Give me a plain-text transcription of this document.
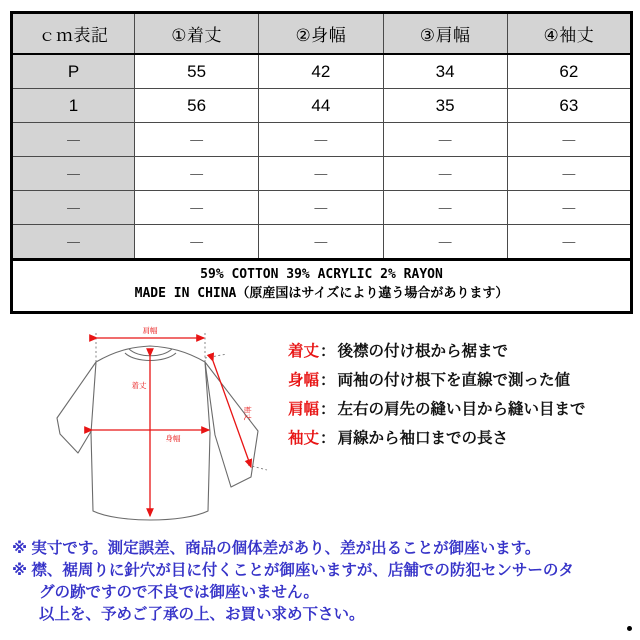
ｃｍ表記	①着丈	②身幅	③肩幅	④袖丈
P	55	42	34	62
1	56	44	35	63
－	－	－	－	－
－	－	－	－	－
－	－	－	－	－
－	－	－	－	－

59% COTTON 39% ACRYLIC 2% RAYON
MADE IN CHINA（原産国はサイズにより違う場合があります）				
肩幅
着丈
身幅
袖丈
着丈 ： 後襟の付け根から裾まで
身幅 ： 両袖の付け根下を直線で測った値
肩幅 ： 左右の肩先の縫い目から縫い目まで
袖丈 ： 肩線から袖口までの長さ
※ 実寸です。測定誤差、商品の個体差があり、差が出ることが御座います。
※ 襟、裾周りに針穴が目に付くことが御座いますが、店舗での防犯センサーのタ
グの跡ですので不良では御座いません。
以上を、予めご了承の上、お買い求め下さい。
